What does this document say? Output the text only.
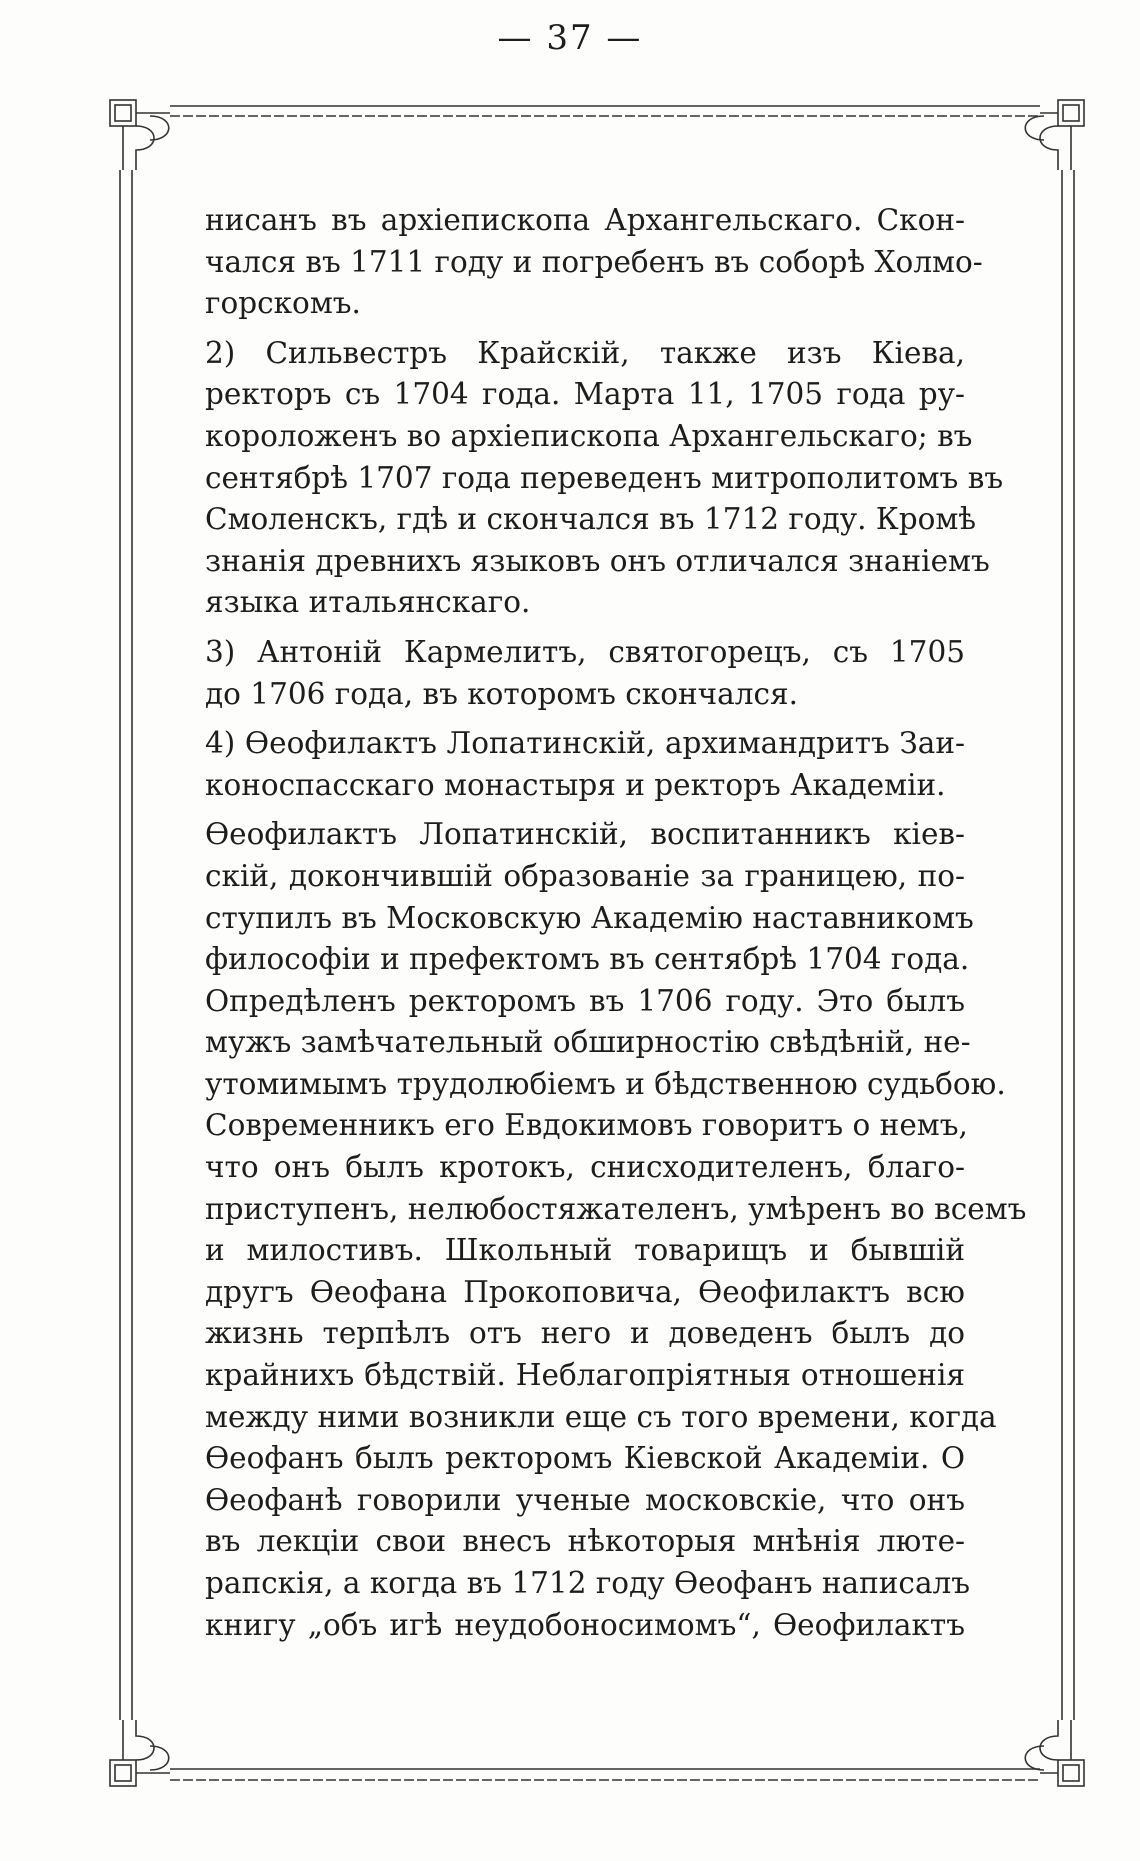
— 37 —

нисанъ въ архіепископа Архангельскаго. Скон-
чался въ 1711 году и погребенъ въ соборѣ Холмо-
горскомъ.

2) Сильвестръ Крайскій, также изъ Кіева,
ректоръ съ 1704 года. Марта 11, 1705 года ру-
кopoложенъ во архіепископа Архангельскаго; въ
сентябрѣ 1707 года переведенъ митрополитомъ въ
Смоленскъ, гдѣ и скончался въ 1712 году. Кромѣ
знанія древнихъ языковъ онъ отличался знаніемъ
языка итальянскаго.

3) Антоній Кармелитъ, святогорецъ, съ 1705
до 1706 года, въ которомъ скончался.

4) Ѳеофилактъ Лопатинскій, архимандритъ Заи-
коноспасскаго монастыря и ректоръ Академіи.

Ѳеофилактъ Лопатинскій, воспитанникъ кіев-
скій, докончившій образованіе за границею, по-
ступилъ въ Московскую Академію наставникомъ
философіи и префектомъ въ сентябрѣ 1704 года.
Опредѣленъ ректоромъ въ 1706 году. Это былъ
мужъ замѣчательный обширностію свѣдѣній, не-
утомимымъ трудолюбіемъ и бѣдственною судьбою.
Современникъ его Евдокимовъ говоритъ о немъ,
что онъ былъ кротокъ, снисходителенъ, благо-
приступенъ, нелюбостяжателенъ, умѣренъ во всемъ
и милостивъ. Школьный товарищъ и бывшій
другъ Ѳеофана Прокоповича, Ѳеофилактъ всю
жизнь терпѣлъ отъ него и доведенъ былъ до
крайнихъ бѣдствій. Неблагопріятныя отношенія
между ними возникли еще съ того времени, когда
Ѳеофанъ былъ ректоромъ Кіевской Академіи. О
Ѳеофанѣ говорили ученые московскіе, что онъ
въ лекціи свои внесъ нѣкоторыя мнѣнія люте-
рапскія, а когда въ 1712 году Ѳеофанъ написалъ
книгу „объ игѣ неудобоносимомъ“, Ѳеофилактъ
